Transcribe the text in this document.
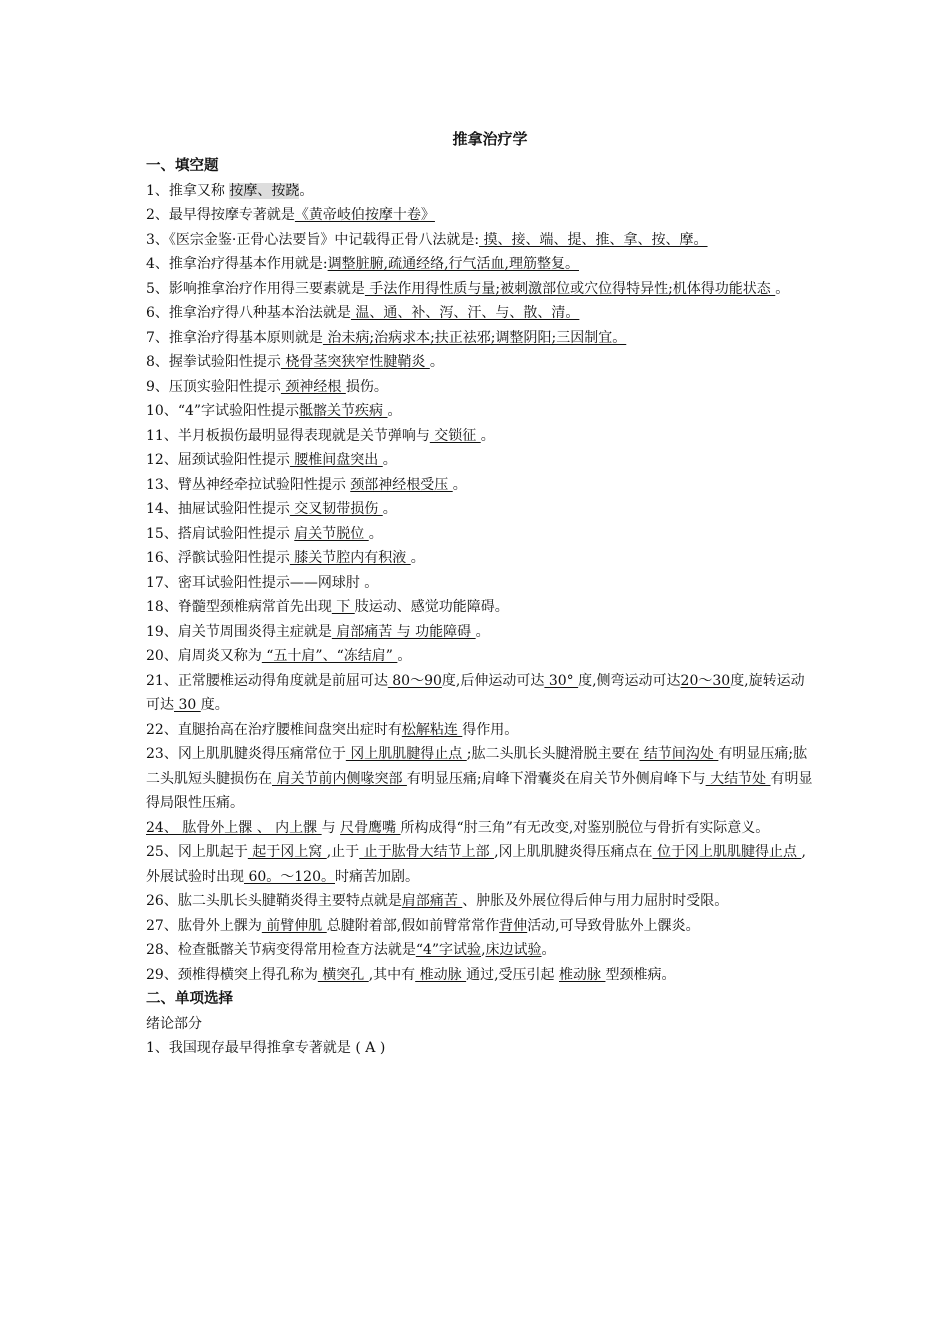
推拿治疗学
一、填空题
1、推拿又称 按摩、按跷。
2、最早得按摩专著就是《黄帝岐伯按摩十卷》
3、《医宗金鉴·正骨心法要旨》中记载得正骨八法就是: 摸、接、端、提、推、拿、按、摩。
4、推拿治疗得基本作用就是:调整脏腑,疏通经络,行气活血,理筋整复。
5、影响推拿治疗作用得三要素就是 手法作用得性质与量;被刺激部位或穴位得特异性;机体得功能状态 。
6、推拿治疗得八种基本治法就是 温、通、补、泻、汗、与、散、清。
7、推拿治疗得基本原则就是 治未病;治病求本;扶正祛邪;调整阴阳;三因制宜。
8、握拳试验阳性提示 桡骨茎突狭窄性腱鞘炎 。
9、压顶实验阳性提示 颈神经根 损伤。
10、“4”字试验阳性提示骶髂关节疾病 。
11、半月板损伤最明显得表现就是关节弹响与 交锁征 。
12、屈颈试验阳性提示 腰椎间盘突出 。
13、臂丛神经牵拉试验阳性提示 颈部神经根受压 。
14、抽屉试验阳性提示 交叉韧带损伤 。
15、搭肩试验阳性提示 肩关节脱位 。
16、浮髌试验阳性提示 膝关节腔内有积液 。
17、密耳试验阳性提示——网球肘 。
18、脊髓型颈椎病常首先出现 下 肢运动、感觉功能障碍。
19、肩关节周围炎得主症就是 肩部痛苦 与 功能障碍 。
20、肩周炎又称为 “五十肩”、“冻结肩” 。
21、正常腰椎运动得角度就是前屈可达 80～90度,后伸运动可达 30° 度,侧弯运动可达20～30度,旋转运动可达 30 度。
22、直腿抬高在治疗腰椎间盘突出症时有松解粘连 得作用。
23、冈上肌肌腱炎得压痛常位于 冈上肌肌腱得止点 ;肱二头肌长头腱滑脱主要在 结节间沟处 有明显压痛;肱二头肌短头腱损伤在 肩关节前内侧喙突部 有明显压痛;肩峰下滑囊炎在肩关节外侧肩峰下与 大结节处 有明显得局限性压痛。
24、 肱骨外上髁 、 内上髁 与 尺骨鹰嘴 所构成得“肘三角”有无改变,对鉴别脱位与骨折有实际意义。
25、冈上肌起于 起于冈上窝 ,止于 止于肱骨大结节上部 ,冈上肌肌腱炎得压痛点在 位于冈上肌肌腱得止点 ,外展试验时出现 60。～120。时痛苦加剧。
26、肱二头肌长头腱鞘炎得主要特点就是肩部痛苦 、肿胀及外展位得后伸与用力屈肘时受限。
27、肱骨外上髁为 前臂伸肌 总腱附着部,假如前臂常常作背伸活动,可导致骨肱外上髁炎。
28、检查骶髂关节病变得常用检查方法就是“4”字试验,床边试验。
29、颈椎得横突上得孔称为 横突孔 ,其中有 椎动脉 通过,受压引起 椎动脉 型颈椎病。
二、单项选择
绪论部分
1、我国现存最早得推拿专著就是 ( A )
